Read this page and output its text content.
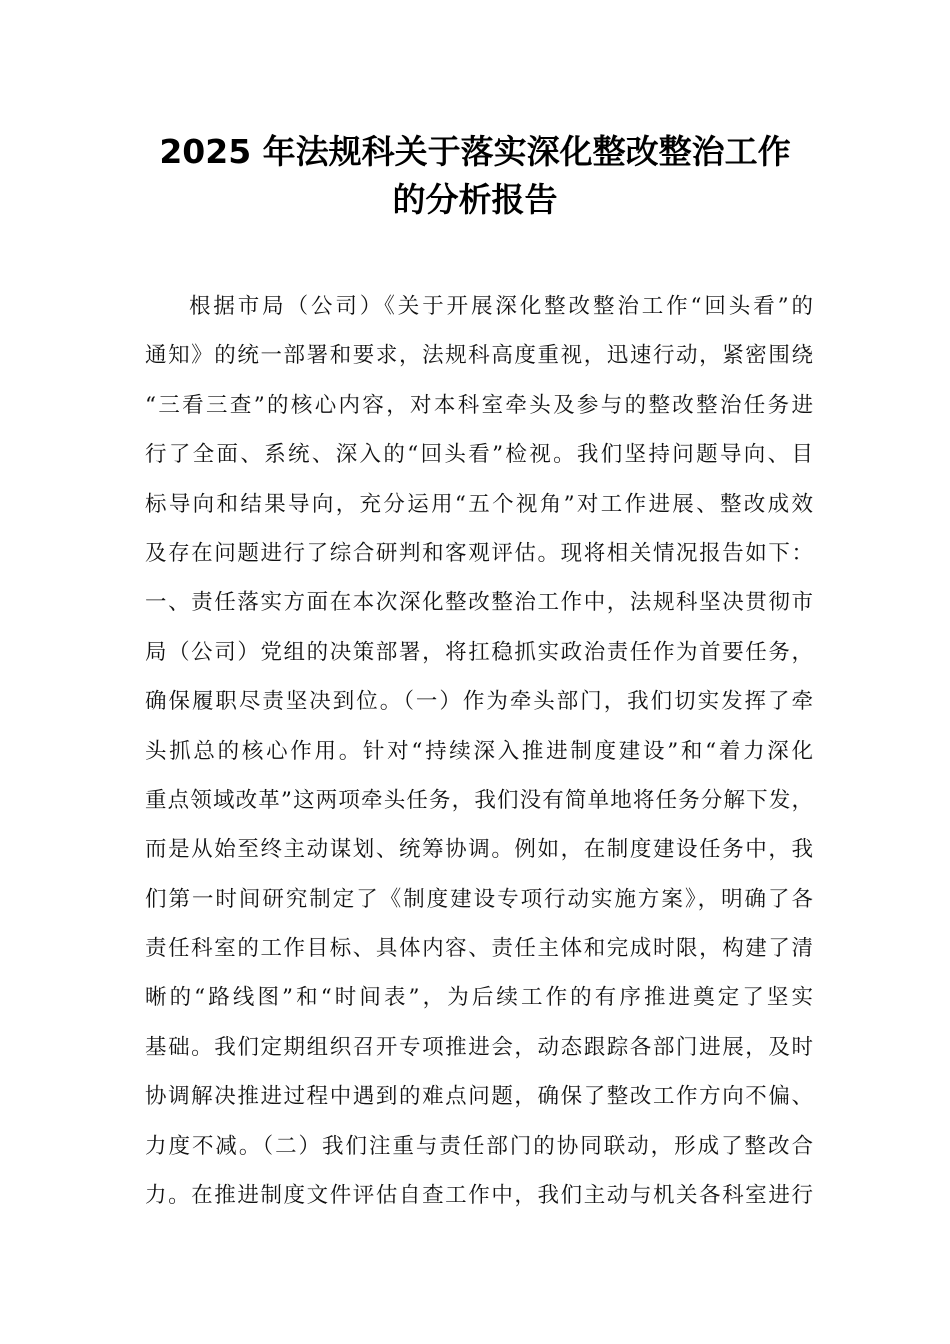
2025 年法规科关于落实深化整改整治工作
的分析报告
根据市局（公司）《关于开展深化整改整治工作“回头看”的
通知》的统一部署和要求，法规科高度重视，迅速行动，紧密围绕
“三看三查”的核心内容，对本科室牵头及参与的整改整治任务进
行了全面、系统、深入的“回头看”检视。我们坚持问题导向、目
标导向和结果导向，充分运用“五个视角”对工作进展、整改成效
及存在问题进行了综合研判和客观评估。现将相关情况报告如下：
一、责任落实方面在本次深化整改整治工作中，法规科坚决贯彻市
局（公司）党组的决策部署，将扛稳抓实政治责任作为首要任务，
确保履职尽责坚决到位。（一）作为牵头部门，我们切实发挥了牵
头抓总的核心作用。针对“持续深入推进制度建设”和“着力深化
重点领域改革”这两项牵头任务，我们没有简单地将任务分解下发，
而是从始至终主动谋划、统筹协调。例如，在制度建设任务中，我
们第一时间研究制定了《制度建设专项行动实施方案》，明确了各
责任科室的工作目标、具体内容、责任主体和完成时限，构建了清
晰的“路线图”和“时间表”，为后续工作的有序推进奠定了坚实
基础。我们定期组织召开专项推进会，动态跟踪各部门进展，及时
协调解决推进过程中遇到的难点问题，确保了整改工作方向不偏、
力度不减。（二）我们注重与责任部门的协同联动，形成了整改合
力。在推进制度文件评估自查工作中，我们主动与机关各科室进行
